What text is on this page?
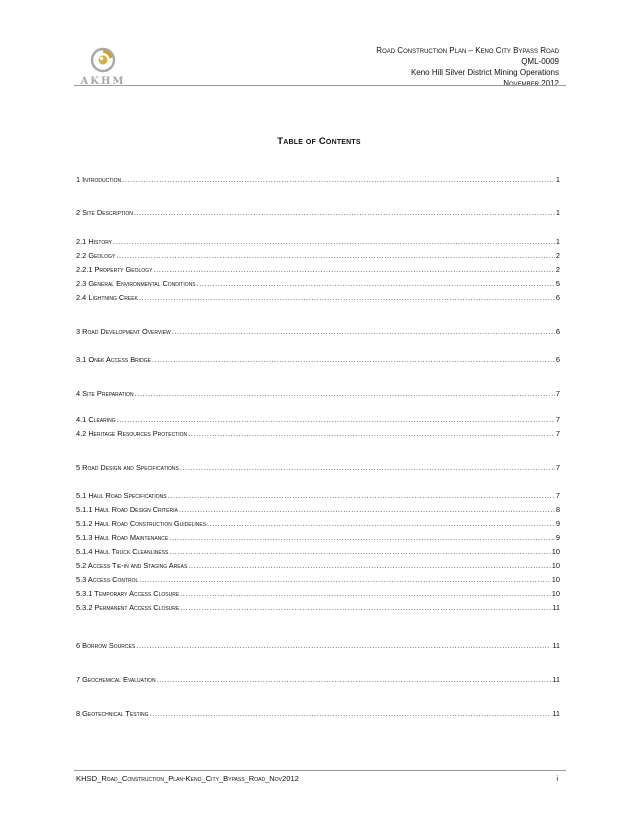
AKHM
Road Construction Plan – Keno City Bypass Road
QML-0009
Keno Hill Silver District Mining Operations
November 2012
Table of Contents
1 Introduction .....	1
2 Site Description .....	1
2.1 History .....	1
2.2 Geology .....	2
2.2.1 Property Geology .....	2
2.3 General Environmental Conditions .....	5
2.4 Lightning Creek .....	6
3 Road Development Overview .....	6
3.1 Onek Access Bridge .....	6
4 Site Preparation .....	7
4.1 Clearing .....	7
4.2 Heritage Resources Protection .....	7
5 Road Design and Specifications .....	7
5.1 Haul Road Specifications .....	7
5.1.1 Haul Road Design Criteria .....	8
5.1.2 Haul Road Construction Guidelines .....	9
5.1.3 Haul Road Maintenance .....	9
5.1.4 Haul Truck Cleanliness .....	10
5.2 Access Tie-in and Staging Areas .....	10
5.3 Access Control .....	10
5.3.1 Temporary Access Closure .....	10
5.3.2 Permanent Access Closure .....	11
6 Borrow Sources .....	11
7 Geochemical Evaluation .....	11
8 Geotechnical Testing .....	11
KHSD_Road_Construction_Plan-Keno_City_Bypass_Road_Nov2012	i
